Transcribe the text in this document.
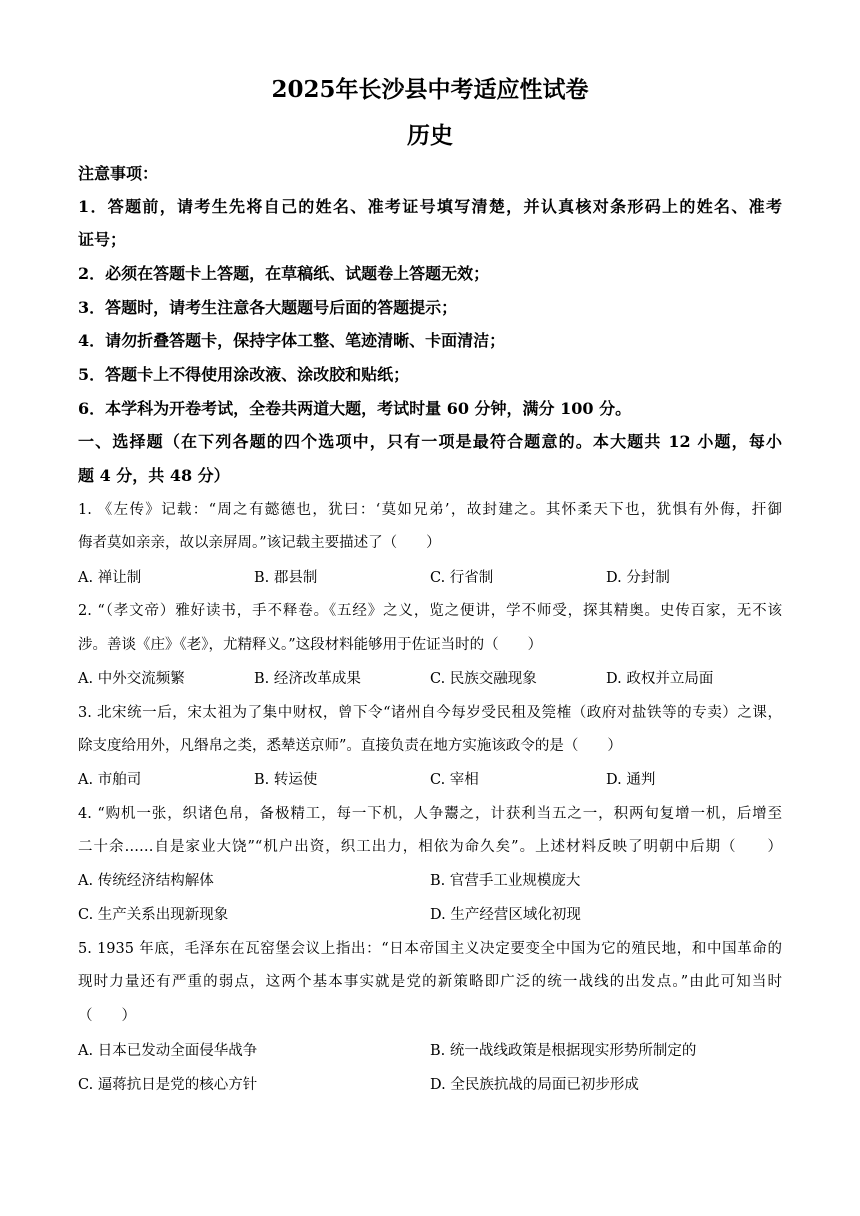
2025年长沙县中考适应性试卷
历史
注意事项：
1．答题前，请考生先将自己的姓名、准考证号填写清楚，并认真核对条形码上的姓名、准考
证号；
2．必须在答题卡上答题，在草稿纸、试题卷上答题无效；
3．答题时，请考生注意各大题题号后面的答题提示；
4．请勿折叠答题卡，保持字体工整、笔迹清晰、卡面清洁；
5．答题卡上不得使用涂改液、涂改胶和贴纸；
6．本学科为开卷考试，全卷共两道大题，考试时量 60 分钟，满分 100 分。
一、选择题（在下列各题的四个选项中，只有一项是最符合题意的。本大题共 12 小题，每小
题 4 分，共 48 分）
1. 《左传》记载：“周之有懿德也，犹曰：‘莫如兄弟’，故封建之。其怀柔天下也，犹惧有外侮，扞御
侮者莫如亲亲，故以亲屏周。”该记载主要描述了（　　）
A. 禅让制	B. 郡县制	C. 行省制	D. 分封制
2. “（孝文帝）雅好读书，手不释卷。《五经》之义，览之便讲，学不师受，探其精奥。史传百家，无不该
涉。善谈《庄》《老》，尤精释义。”这段材料能够用于佐证当时的（　　）
A. 中外交流频繁	B. 经济改革成果	C. 民族交融现象	D. 政权并立局面
3. 北宋统一后，宋太祖为了集中财权，曾下令“诸州自今每岁受民租及筦榷（政府对盐铁等的专卖）之课，
除支度给用外，凡缗帛之类，悉辇送京师”。直接负责在地方实施该政令的是（　　）
A. 市舶司	B. 转运使	C. 宰相	D. 通判
4. “购机一张，织诸色帛，备极精工，每一下机，人争鬻之，计获利当五之一，积两旬复增一机，后增至
二十余……自是家业大饶”“机户出资，织工出力，相依为命久矣”。上述材料反映了明朝中后期（　　）
A. 传统经济结构解体	B. 官营手工业规模庞大
C. 生产关系出现新现象	D. 生产经营区域化初现
5. 1935 年底，毛泽东在瓦窑堡会议上指出：“日本帝国主义决定要变全中国为它的殖民地，和中国革命的
现时力量还有严重的弱点，这两个基本事实就是党的新策略即广泛的统一战线的出发点。”由此可知当时
（　　）
A. 日本已发动全面侵华战争	B. 统一战线政策是根据现实形势所制定的
C. 逼蒋抗日是党的核心方针	D. 全民族抗战的局面已初步形成
